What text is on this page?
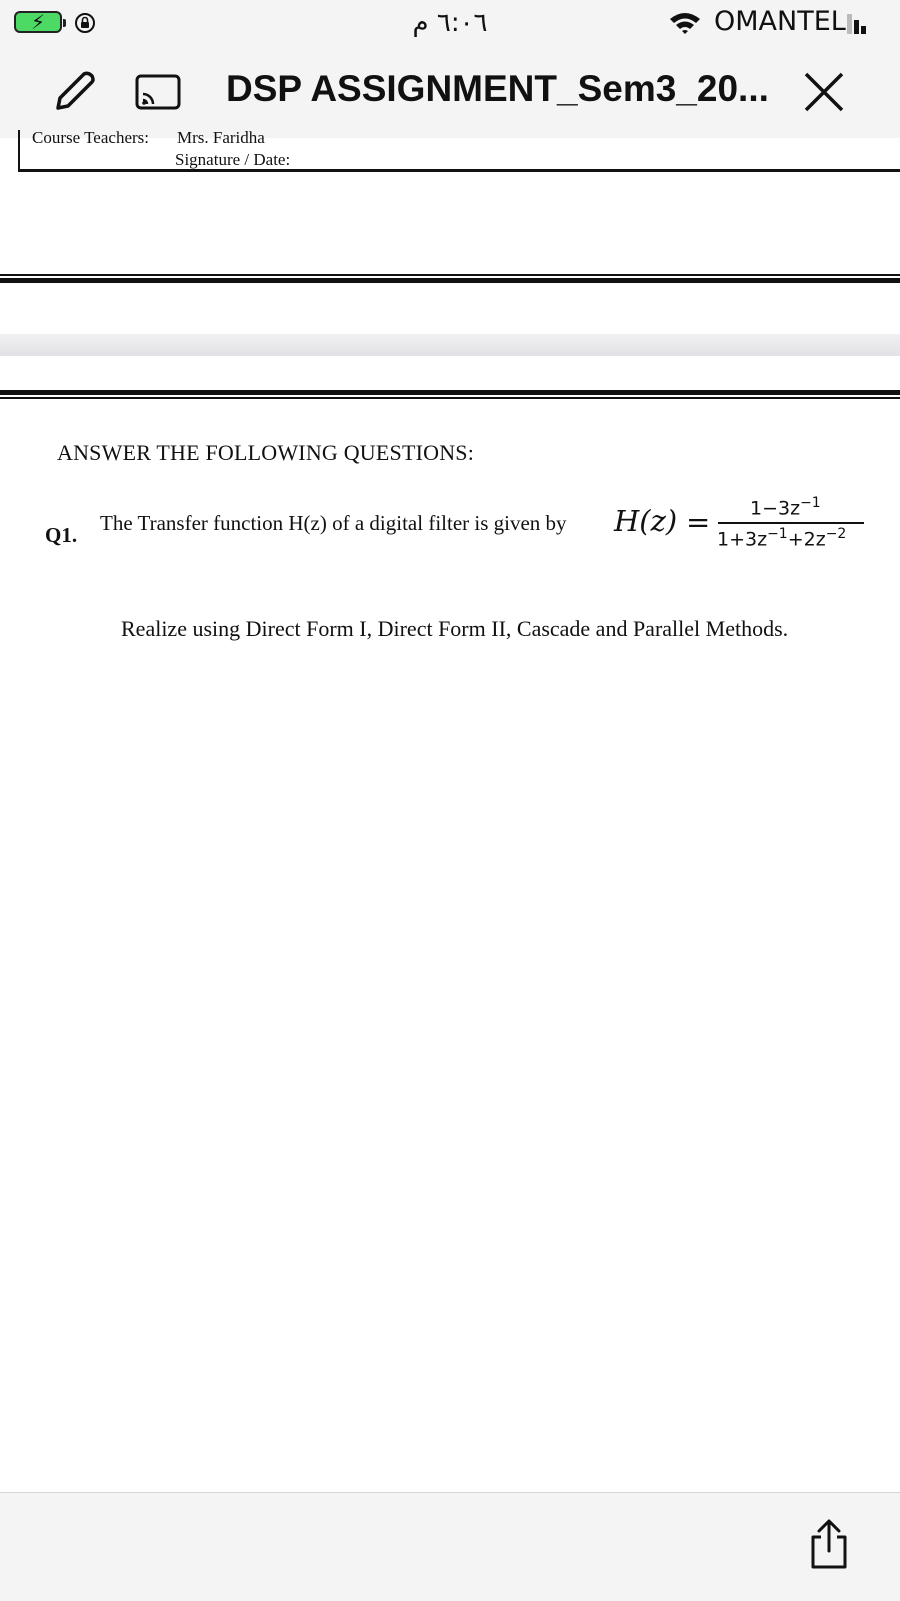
⚡	٦:٠٦ م	OMANTEL
DSP ASSIGNMENT_Sem3_20...
Course Teachers: Mrs. Faridha
Signature / Date:
ANSWER THE FOLLOWING QUESTIONS:
Q1. The Transfer function H(z) of a digital filter is given by $H(z) = 1-3z^{-1}$
$1+3z^{-1}+2z^{-2}$
Realize using Direct Form I, Direct Form II, Cascade and Parallel Methods.
